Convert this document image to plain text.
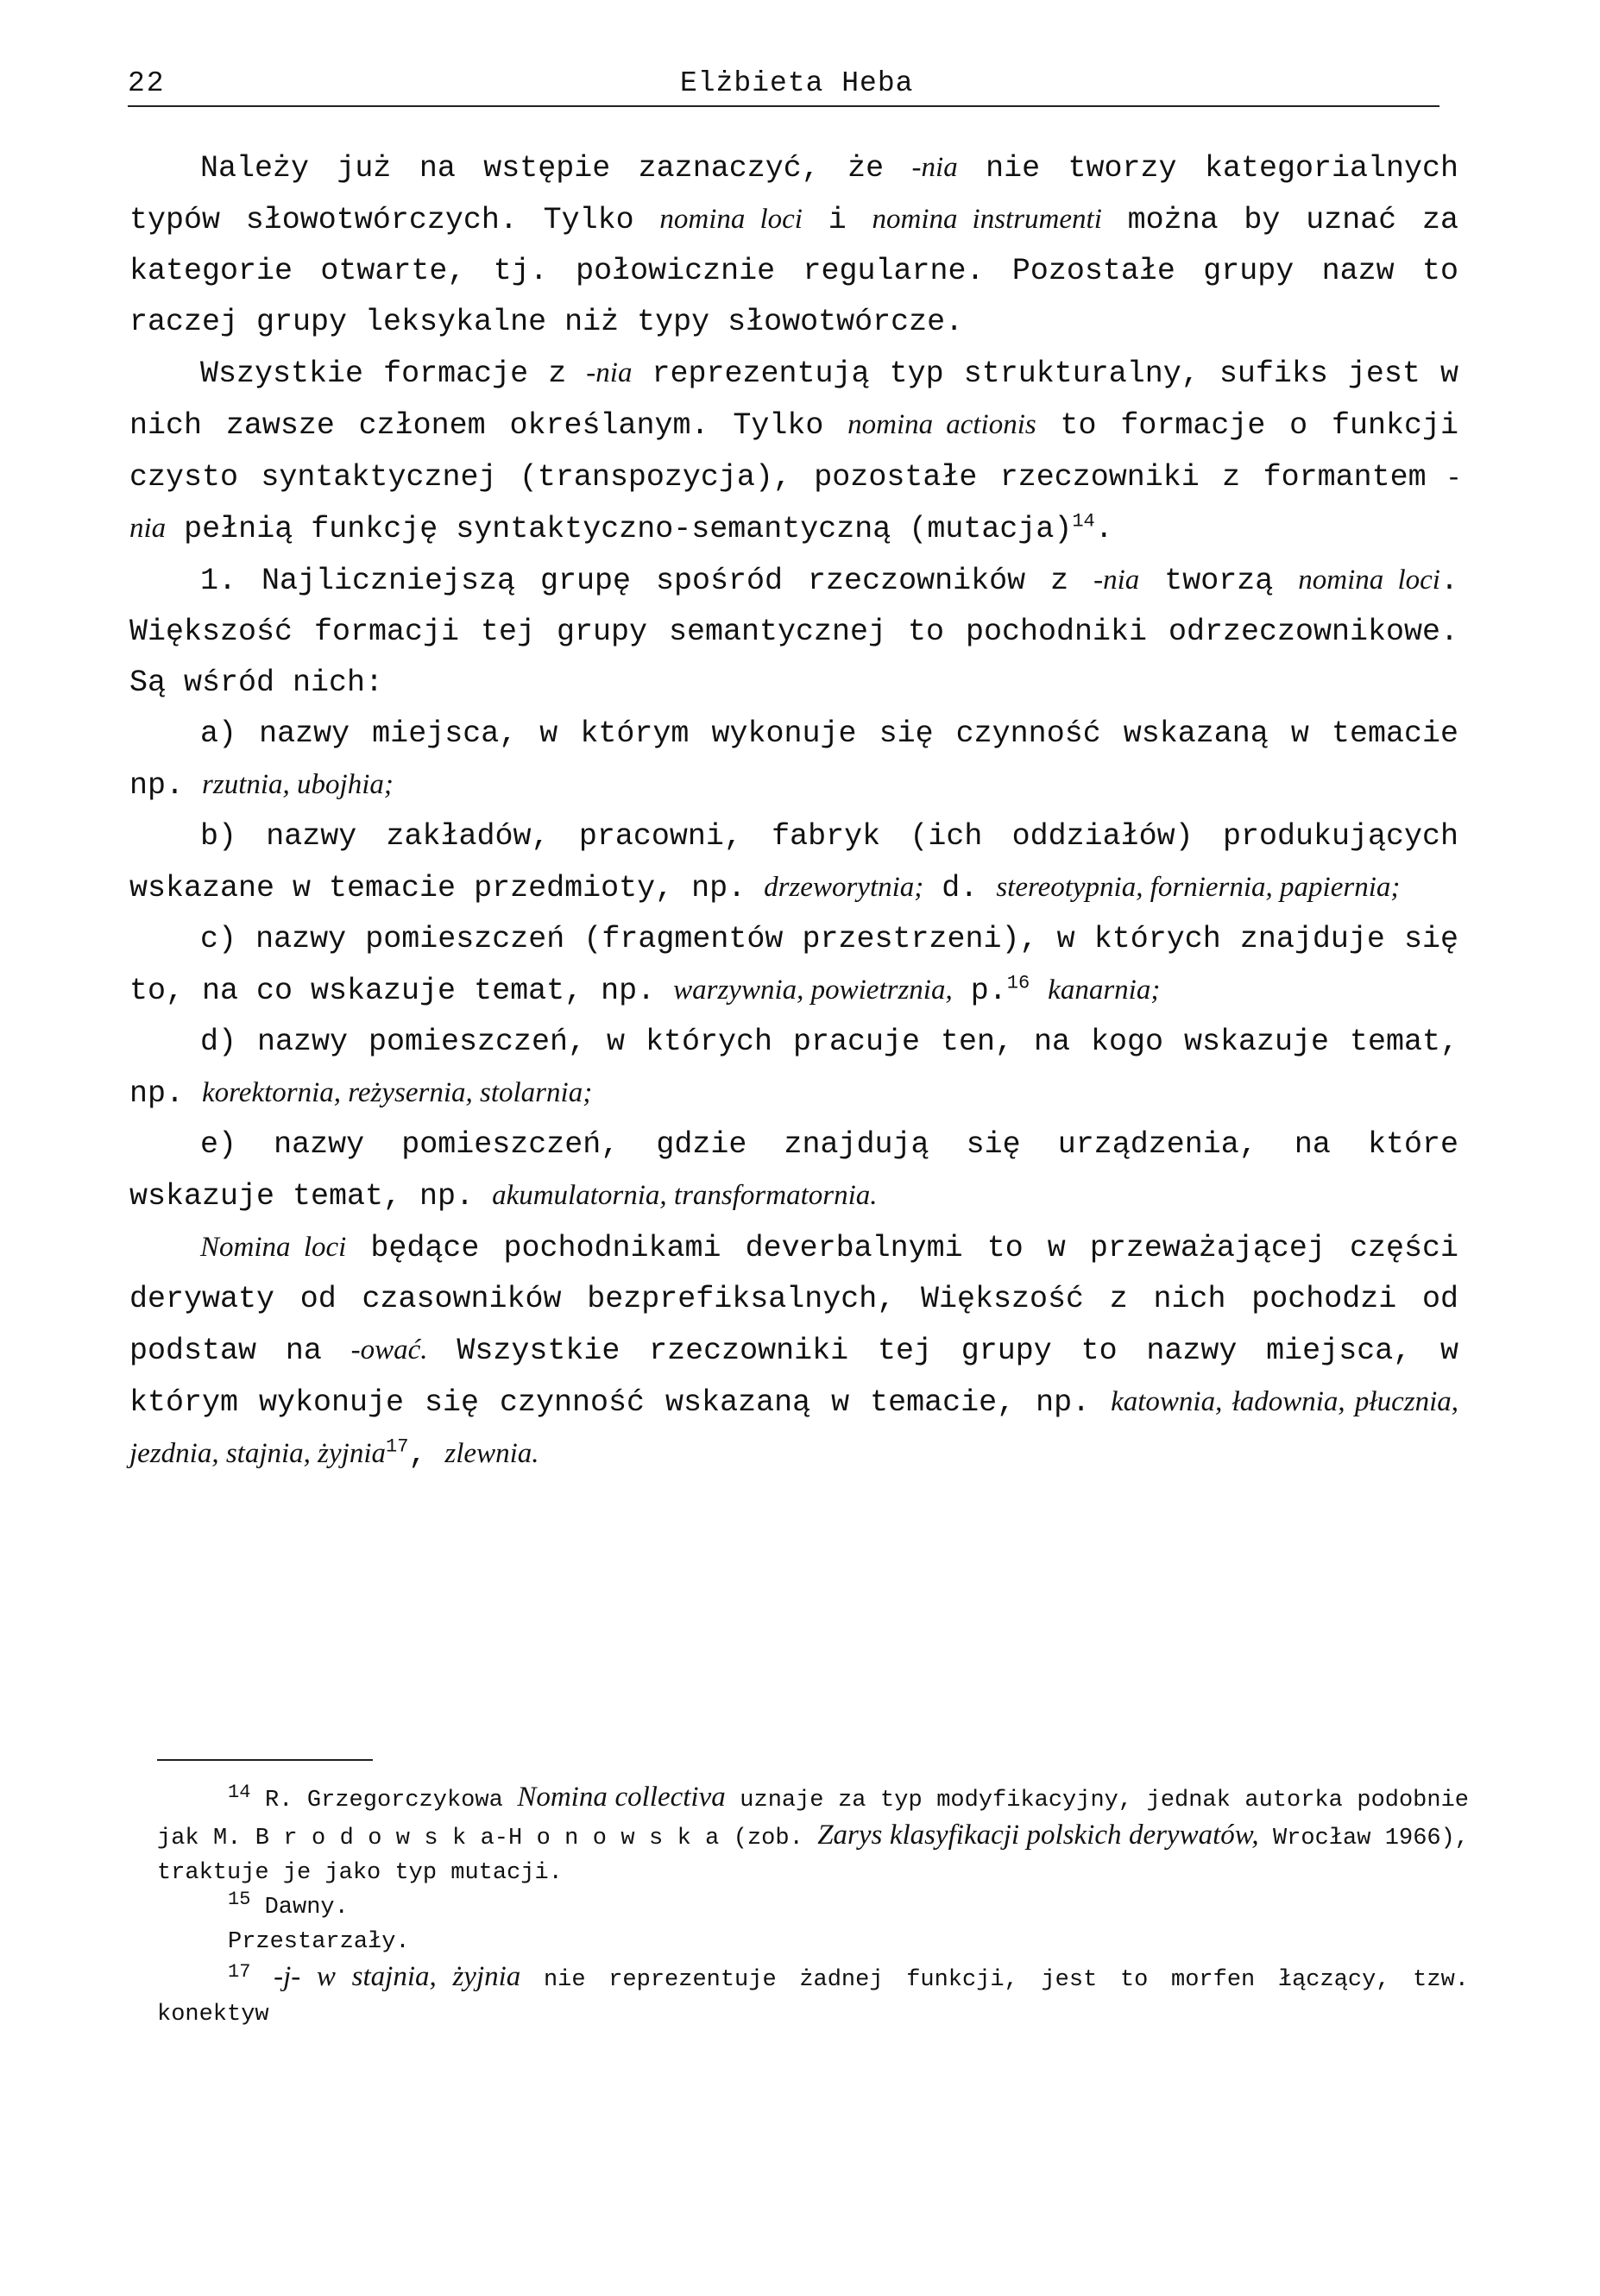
22	Elżbieta Heba

Należy już na wstępie zaznaczyć, że -nia nie tworzy kategorialnych typów słowotwórczych. Tylko nomina loci i nomina instrumenti można by uznać za kategorie otwarte, tj. połowicznie regularne. Pozostałe grupy nazw to raczej grupy leksykalne niż typy słowotwórcze.

Wszystkie formacje z -nia reprezentują typ strukturalny, sufiks jest w nich zawsze członem określanym. Tylko nomina actionis to formacje o funkcji czysto syntaktycznej (transpozycja), pozostałe rzeczowniki z formantem -nia pełnią funkcję syntaktyczno-semantyczną (mutacja)$^{14}$.

1. Najliczniejszą grupę spośród rzeczowników z -nia tworzą nomina loci. Większość formacji tej grupy semantycznej to pochodniki odrzeczownikowe. Są wśród nich:

a) nazwy miejsca, w którym wykonuje się czynność wskazaną w temacie np. rzutnia, ubojhia;

b) nazwy zakładów, pracowni, fabryk (ich oddziałów) produkujących wskazane w temacie przedmioty, np. drzeworytnia; d. stereotypnia, forniernia, papiernia;

c) nazwy pomieszczeń (fragmentów przestrzeni), w których znajduje się to, na co wskazuje temat, np. warzywnia, powietrznia, p.$^{16}$ kanarnia;

d) nazwy pomieszczeń, w których pracuje ten, na kogo wskazuje temat, np. korektornia, reżysernia, stolarnia;

e) nazwy pomieszczeń, gdzie znajdują się urządzenia, na które wskazuje temat, np. akumulatornia, transformatornia.

Nomina loci będące pochodnikami deverbalnymi to w przeważającej części derywaty od czasowników bezprefiksalnych, Większość z nich pochodzi od podstaw na -ować. Wszystkie rzeczowniki tej grupy to nazwy miejsca, w którym wykonuje się czynność wskazaną w temacie, np. katownia, ładownia, płucznia, jezdnia, stajnia, żyjnia$^{17}$, zlewnia.

$^{14}$ R. Grzegorczykowa Nomina collectiva uznaje za typ modyfikacyjny, jednak autorka podobnie jak M. B r o d o w s k a-H o n o w s k a (zob. Zarys klasyfikacji polskich derywatów, Wrocław 1966), traktuje je jako typ mutacji.

$^{15}$ Dawny.

Przestarzały.

$^{17}$ -j- w stajnia, żyjnia nie reprezentuje żadnej funkcji, jest to morfen łączący, tzw. konektyw
